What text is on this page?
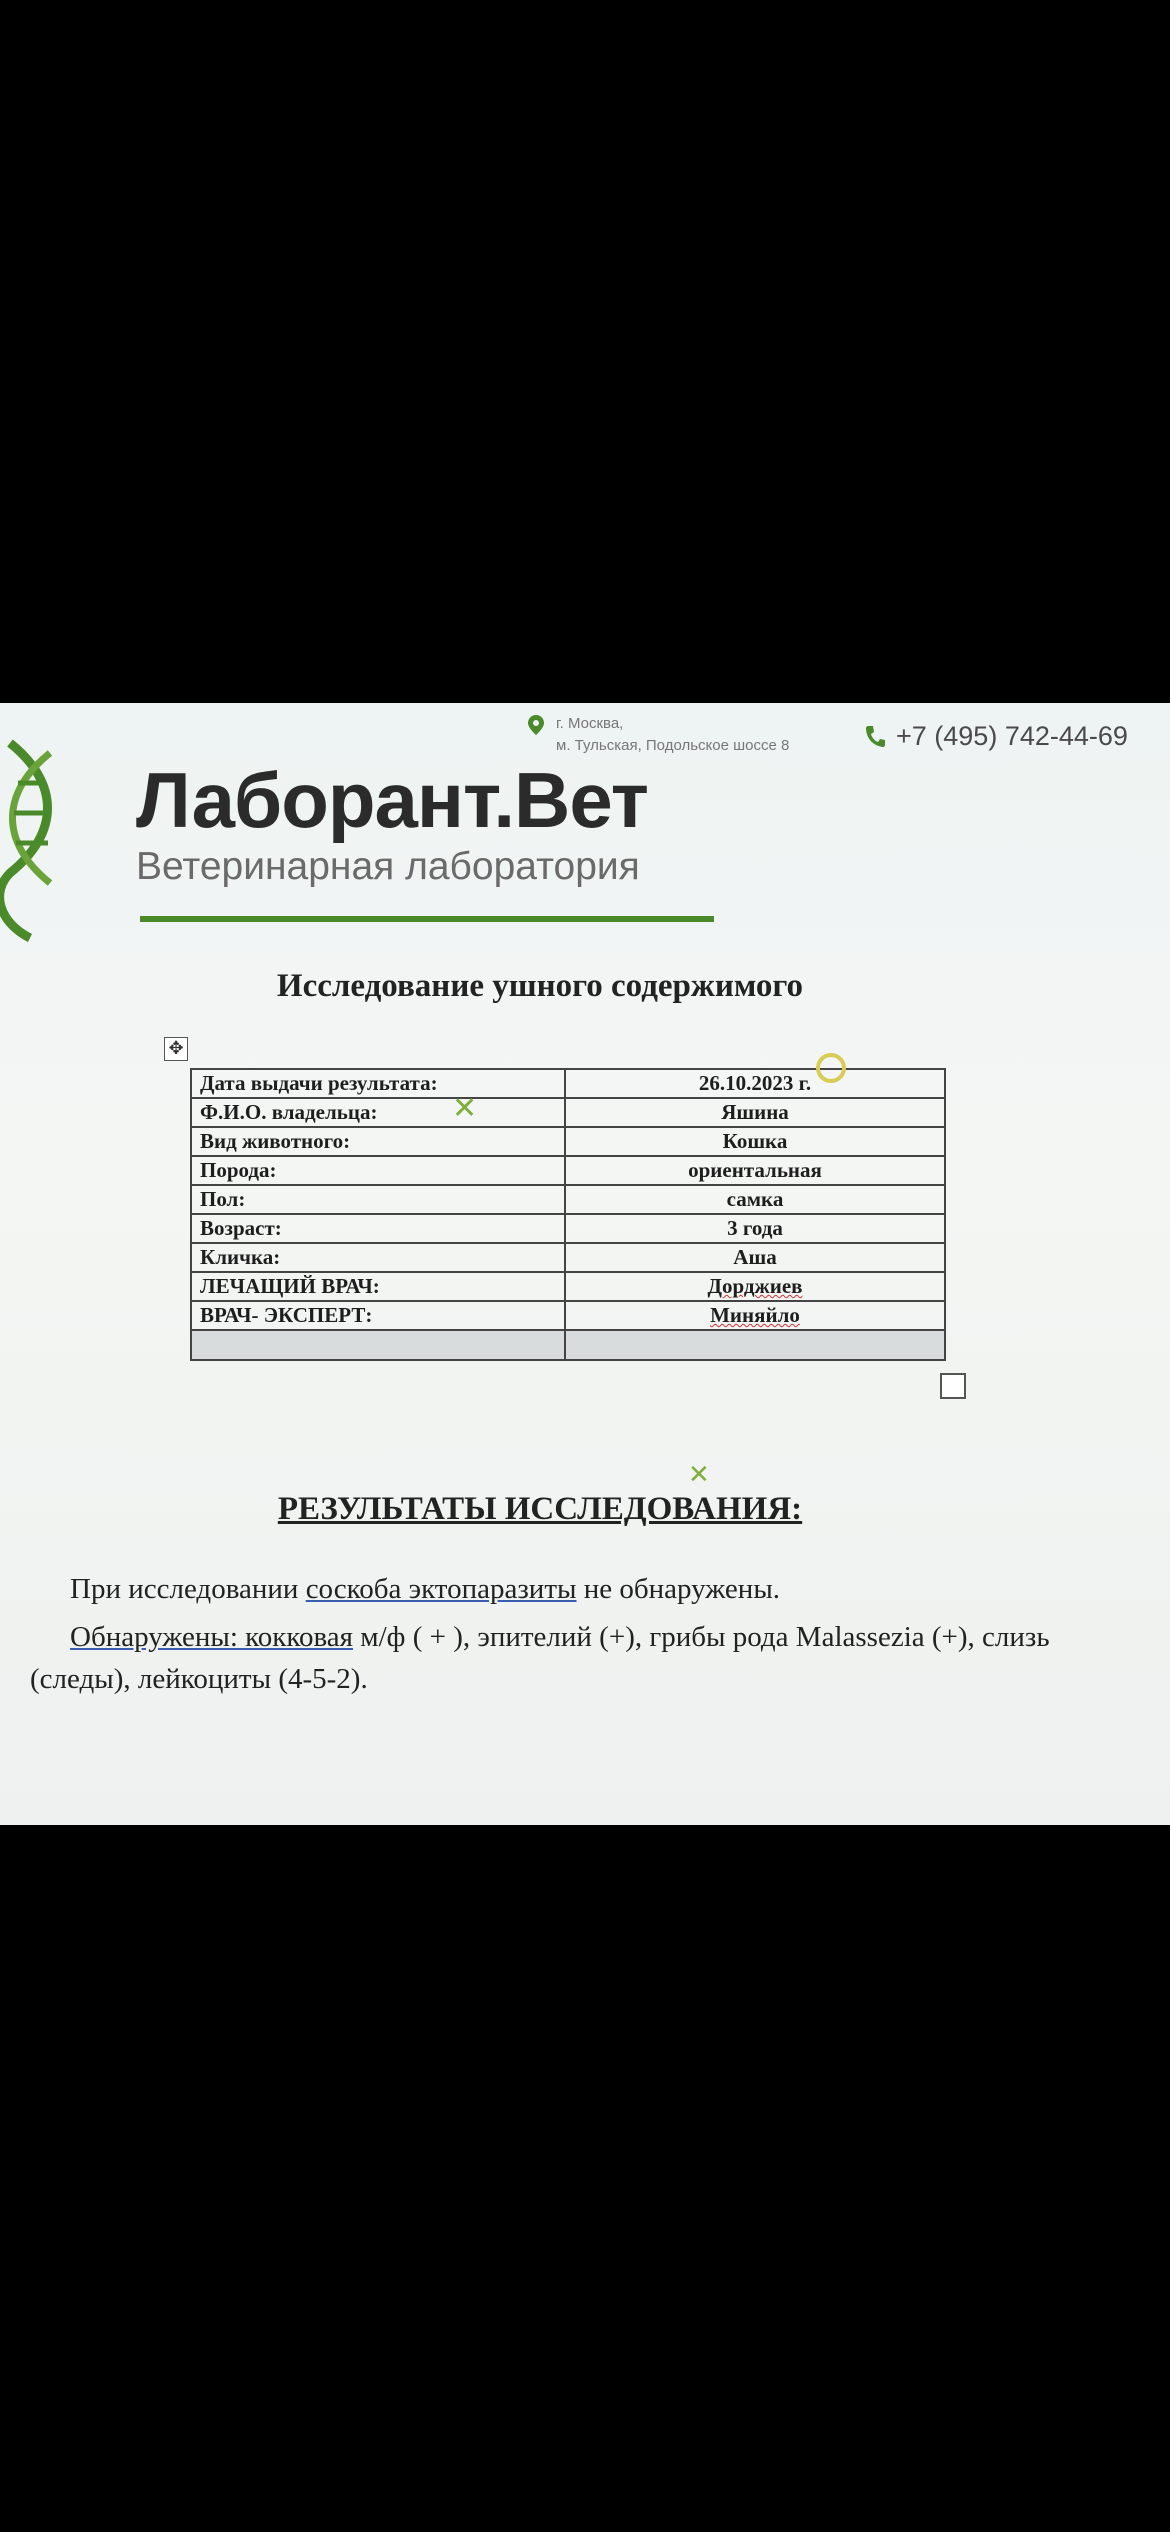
г. Москва,
м. Тульская, Подольское шоссе 8	+7 (495) 742-44-69
Лаборант.Вет
Ветеринарная лаборатория
Исследование ушного содержимого
✥
Дата выдачи результата:	26.10.2023 г.
Ф.И.О. владельца:	Яшина
Вид животного:	Кошка
Порода:	ориентальная
Пол:	самка
Возраст:	3 года
Кличка:	Аша
ЛЕЧАЩИЙ ВРАЧ:	Дорджиев
ВРАЧ- ЭКСПЕРТ:	Миняйло

✕
✕
РЕЗУЛЬТАТЫ ИССЛЕДОВАНИЯ:
При исследовании соскоба эктопаразиты не обнаружены.
Обнаружены: кокковая м/ф ( + ), эпителий (+), грибы рода Malassezia (+), слизь (следы), лейкоциты (4-5-2).
